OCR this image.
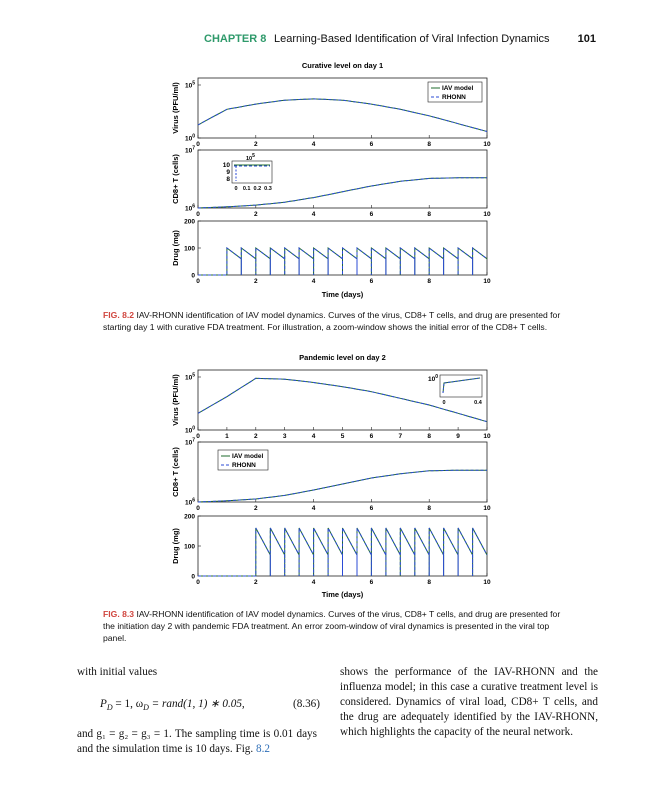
CHAPTER 8 Learning-Based Identification of Viral Infection Dynamics	101
Curative level on day 1
Virus (PFU/ml)
$10^0$
$10^5$
0	2	4	6	8	10
IAV model
RHONN
CD8+ T (cells)
$10^6$
$10^7$
0	2	4	6	8	10
105
10
9
8
0 0.1 0.2 0.3
Drug (mg)
0
100
200
0	2	4	6	8	10
Time (days)
FIG. 8.2 IAV-RHONN identification of IAV model dynamics. Curves of the virus, CD8+ T cells, and drug are presented for starting day 1 with curative FDA treatment. For illustration, a zoom-window shows the initial error of the CD8+ T cells.
Pandemic level on day 2
Virus (PFU/ml)
$10^0$
$10^5$
0	1	2	3	4	5	6	7	8	9	10
$10^0$
0	0.4
CD8+ T (cells)
$10^6$
$10^7$
0	2	4	6	8	10
IAV model
RHONN
Drug (mg)
0
100
200
0	2	4	6	8	10
Time (days)
FIG. 8.3 IAV-RHONN identification of IAV model dynamics. Curves of the virus, CD8+ T cells, and drug are presented for the initiation day 2 with pandemic FDA treatment. An error zoom-window of viral dynamics is presented in the viral top panel.
with initial values
$P_D = 1$, $\omega_D$ = rand(1, 1) ∗ 0.05,	(8.36)
and g₁ = g₂ = g₃ = 1. The sampling time is 0.01 days and the simulation time is 10 days. Fig. 8.2
shows the performance of the IAV-RHONN and the influenza model; in this case a curative treatment level is considered. Dynamics of viral load, CD8+ T cells, and the drug are adequately identified by the IAV-RHONN, which highlights the capacity of the neural network.
